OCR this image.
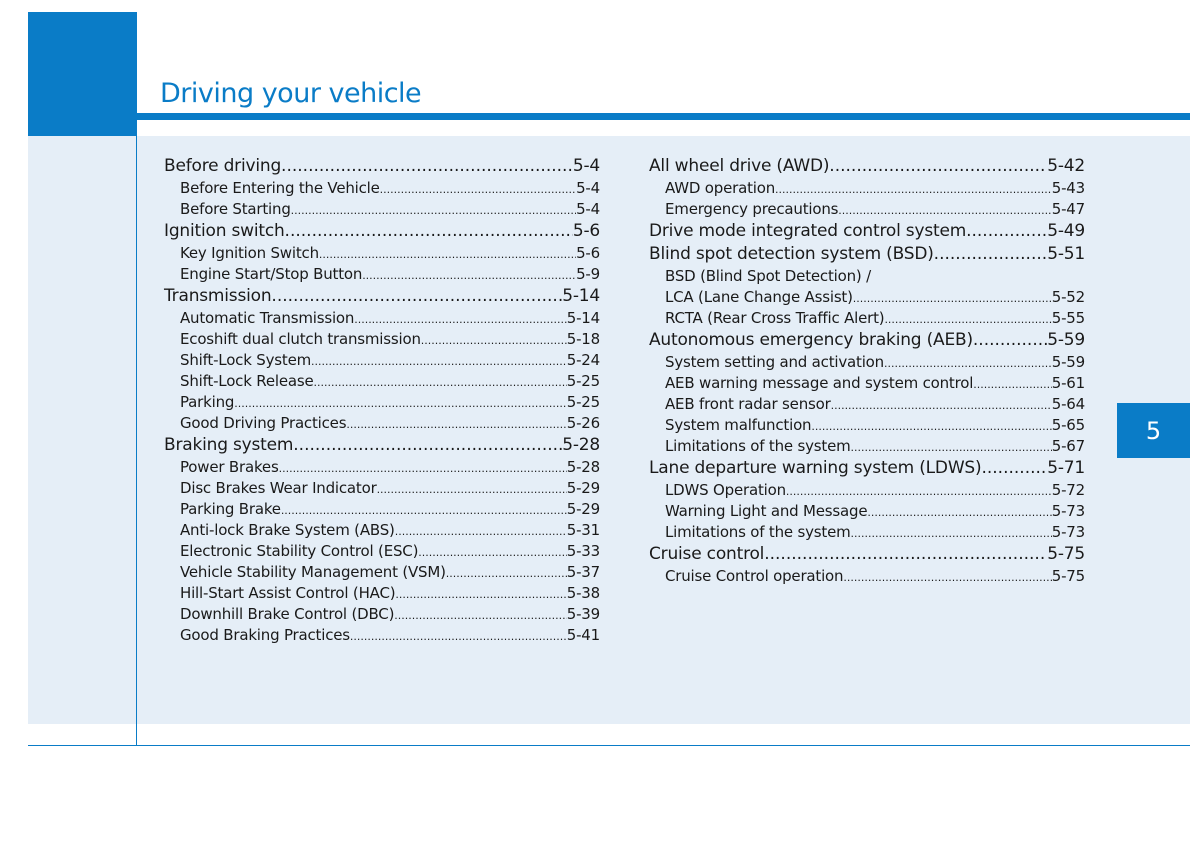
Driving your vehicle
5
Before driving .....	5-4
Before Entering the Vehicle .....	5-4
Before Starting .....	5-4
Ignition switch .....	5-6
Key Ignition Switch .....	5-6
Engine Start/Stop Button .....	5-9
Transmission .....	5-14
Automatic Transmission .....	5-14
Ecoshift dual clutch transmission .....	5-18
Shift-Lock System .....	5-24
Shift-Lock Release .....	5-25
Parking .....	5-25
Good Driving Practices .....	5-26
Braking system .....	5-28
Power Brakes .....	5-28
Disc Brakes Wear Indicator .....	5-29
Parking Brake .....	5-29
Anti-lock Brake System (ABS) .....	5-31
Electronic Stability Control (ESC) .....	5-33
Vehicle Stability Management (VSM) .....	5-37
Hill-Start Assist Control (HAC) .....	5-38
Downhill Brake Control (DBC) .....	5-39
Good Braking Practices .....	5-41
All wheel drive (AWD) .....	5-42
AWD operation .....	5-43
Emergency precautions .....	5-47
Drive mode integrated control system .....	5-49
Blind spot detection system (BSD) .....	5-51
BSD (Blind Spot Detection) /
LCA (Lane Change Assist) .....	5-52
RCTA (Rear Cross Traffic Alert) .....	5-55
Autonomous emergency braking (AEB) .....	5-59
System setting and activation .....	5-59
AEB warning message and system control .....	5-61
AEB front radar sensor .....	5-64
System malfunction .....	5-65
Limitations of the system .....	5-67
Lane departure warning system (LDWS) .....	5-71
LDWS Operation .....	5-72
Warning Light and Message .....	5-73
Limitations of the system .....	5-73
Cruise control .....	5-75
Cruise Control operation .....	5-75
